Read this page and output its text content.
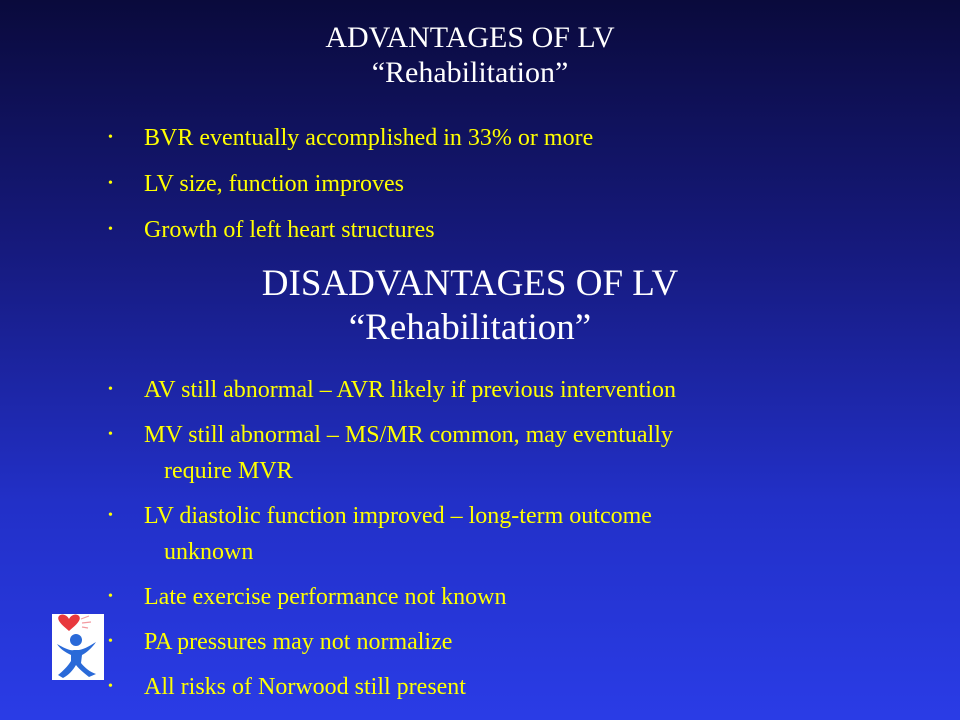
ADVANTAGES OF LV
“Rehabilitation”
• BVR eventually accomplished in 33% or more
• LV size, function improves
• Growth of left heart structures
DISADVANTAGES OF LV
“Rehabilitation”
• AV still abnormal – AVR likely if previous intervention
• MV still abnormal – MS/MR common, may eventually
require MVR
• LV diastolic function improved – long-term outcome
unknown
• Late exercise performance not known
• PA pressures may not normalize
• All risks of Norwood still present
